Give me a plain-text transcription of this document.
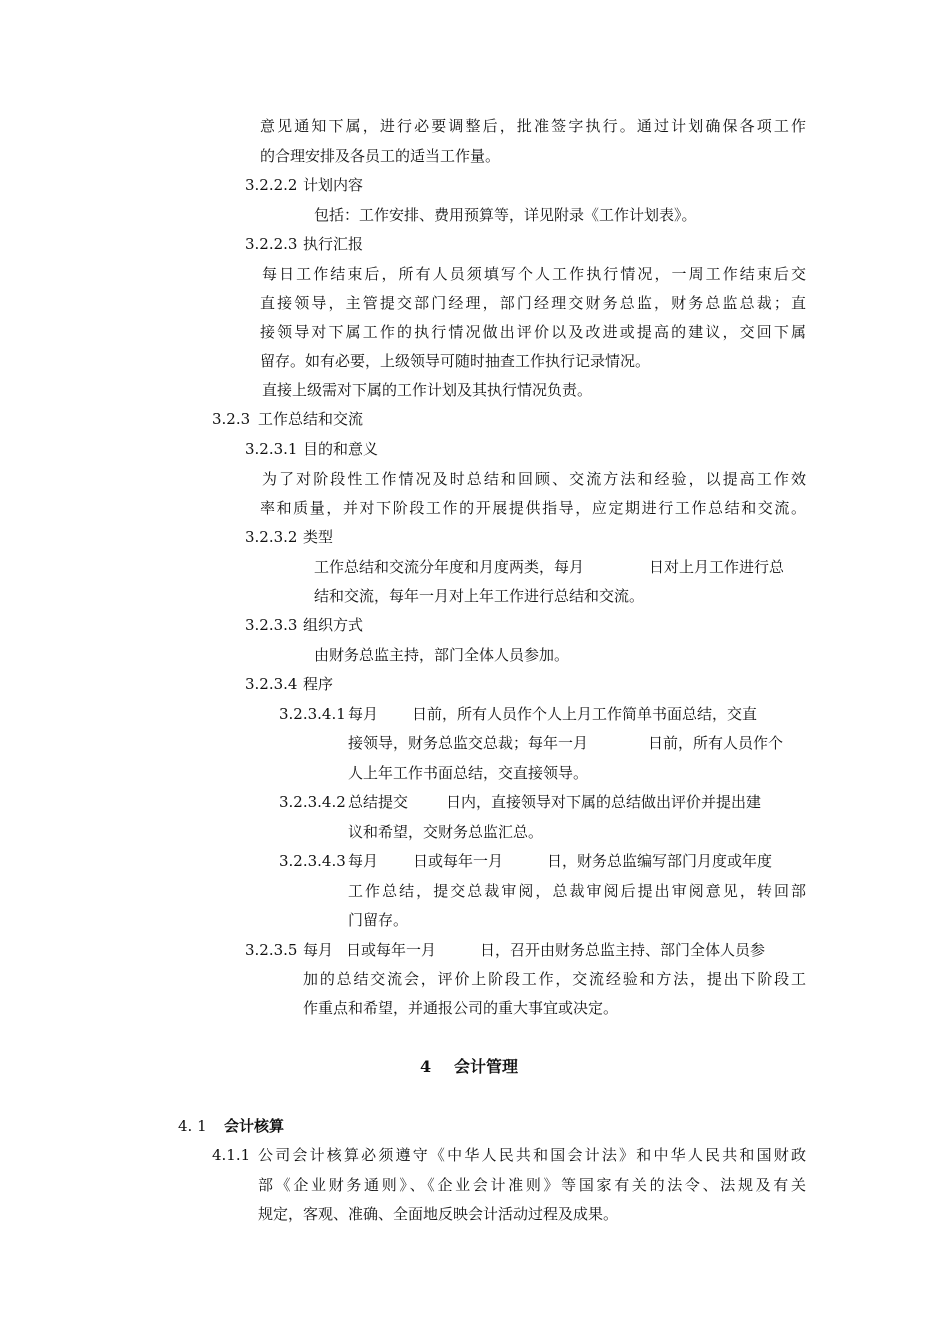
意见通知下属，进行必要调整后，批准签字执行。通过计划确保各项工作
的合理安排及各员工的适当工作量。
3.2.2.2 计划内容
包括：工作安排、费用预算等，详见附录《工作计划表》。
3.2.2.3 执行汇报
每日工作结束后，所有人员须填写个人工作执行情况，一周工作结束后交
直接领导，主管提交部门经理，部门经理交财务总监，财务总监总裁；直
接领导对下属工作的执行情况做出评价以及改进或提高的建议，交回下属
留存。如有必要，上级领导可随时抽查工作执行记录情况。
直接上级需对下属的工作计划及其执行情况负责。
3.2.3 工作总结和交流
3.2.3.1 目的和意义
为了对阶段性工作情况及时总结和回顾、交流方法和经验，以提高工作效
率和质量，并对下阶段工作的开展提供指导，应定期进行工作总结和交流。
3.2.3.2 类型
工作总结和交流分年度和月度两类，每月	日对上月工作进行总
结和交流，每年一月对上年工作进行总结和交流。
3.2.3.3 组织方式
由财务总监主持，部门全体人员参加。
3.2.3.4 程序
3.2.3.4.1 每月 日前，所有人员作个人上月工作简单书面总结，交直
接领导，财务总监交总裁；每年一月	日前，所有人员作个
人上年工作书面总结，交直接领导。
3.2.3.4.2 总结提交	日内，直接领导对下属的总结做出评价并提出建
议和希望，交财务总监汇总。
3.2.3.4.3 每月 日或每年一月	日，财务总监编写部门月度或年度
工作总结，提交总裁审阅，总裁审阅后提出审阅意见，转回部
门留存。
3.2.3.5 每月 日或每年一月	日，召开由财务总监主持、部门全体人员参
加的总结交流会，评价上阶段工作，交流经验和方法，提出下阶段工
作重点和希望，并通报公司的重大事宜或决定。
4 会计管理
4. 1 会计核算
4.1.1 公司会计核算必须遵守《中华人民共和国会计法》和中华人民共和国财政
部《企业财务通则》、《企业会计准则》等国家有关的法令、法规及有关
规定，客观、准确、全面地反映会计活动过程及成果。
